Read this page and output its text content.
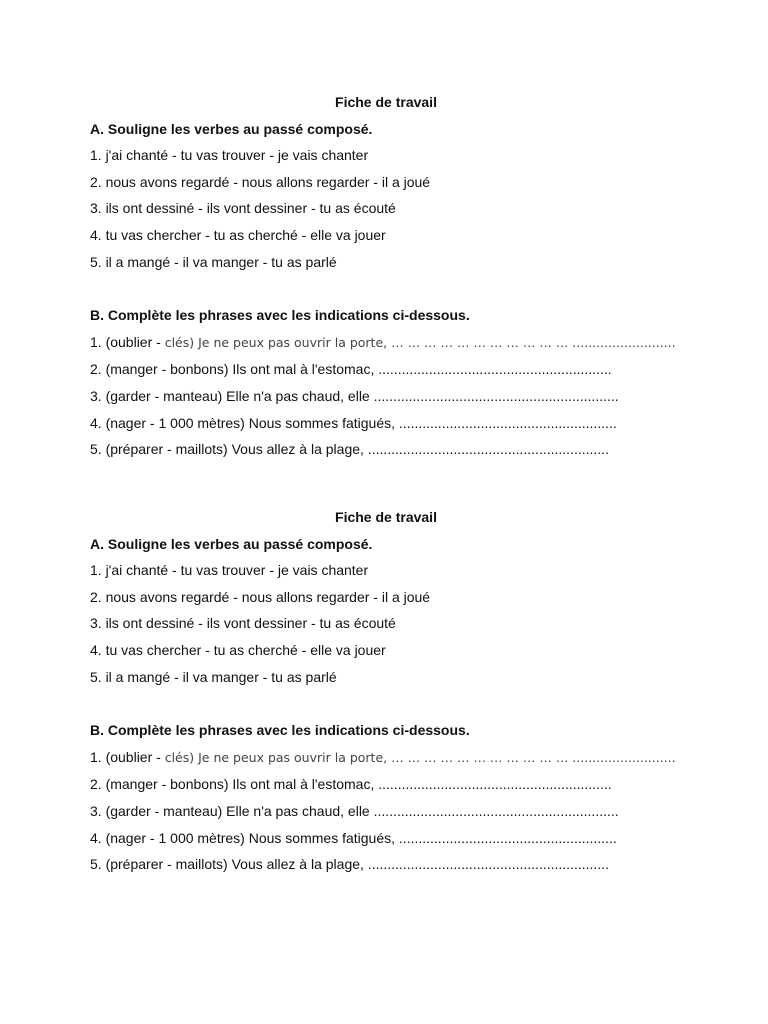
Fiche de travail

A. Souligne les verbes au passé composé.

1. j'ai chanté - tu vas trouver - je vais chanter

2. nous avons regardé - nous allons regarder - il a joué

3. ils ont dessiné - ils vont dessiner - tu as écouté

4. tu vas chercher - tu as cherché - elle va jouer

5. il a mangé - il va manger - tu as parlé

B. Complète les phrases avec les indications ci-dessous.

1. (oublier - clés) Je ne peux pas ouvrir la porte, … … … … … … … … … … … ..........................

2. (manger - bonbons) Ils ont mal à l'estomac, ............................................................

3. (garder - manteau) Elle n'a pas chaud, elle ...............................................................

4. (nager - 1 000 mètres) Nous sommes fatigués, ........................................................

5. (préparer - maillots) Vous allez à la plage, ..............................................................

Fiche de travail

A. Souligne les verbes au passé composé.

1. j'ai chanté - tu vas trouver - je vais chanter

2. nous avons regardé - nous allons regarder - il a joué

3. ils ont dessiné - ils vont dessiner - tu as écouté

4. tu vas chercher - tu as cherché - elle va jouer

5. il a mangé - il va manger - tu as parlé

B. Complète les phrases avec les indications ci-dessous.

1. (oublier - clés) Je ne peux pas ouvrir la porte, … … … … … … … … … … … ..........................

2. (manger - bonbons) Ils ont mal à l'estomac, ............................................................

3. (garder - manteau) Elle n'a pas chaud, elle ...............................................................

4. (nager - 1 000 mètres) Nous sommes fatigués, ........................................................

5. (préparer - maillots) Vous allez à la plage, ..............................................................
